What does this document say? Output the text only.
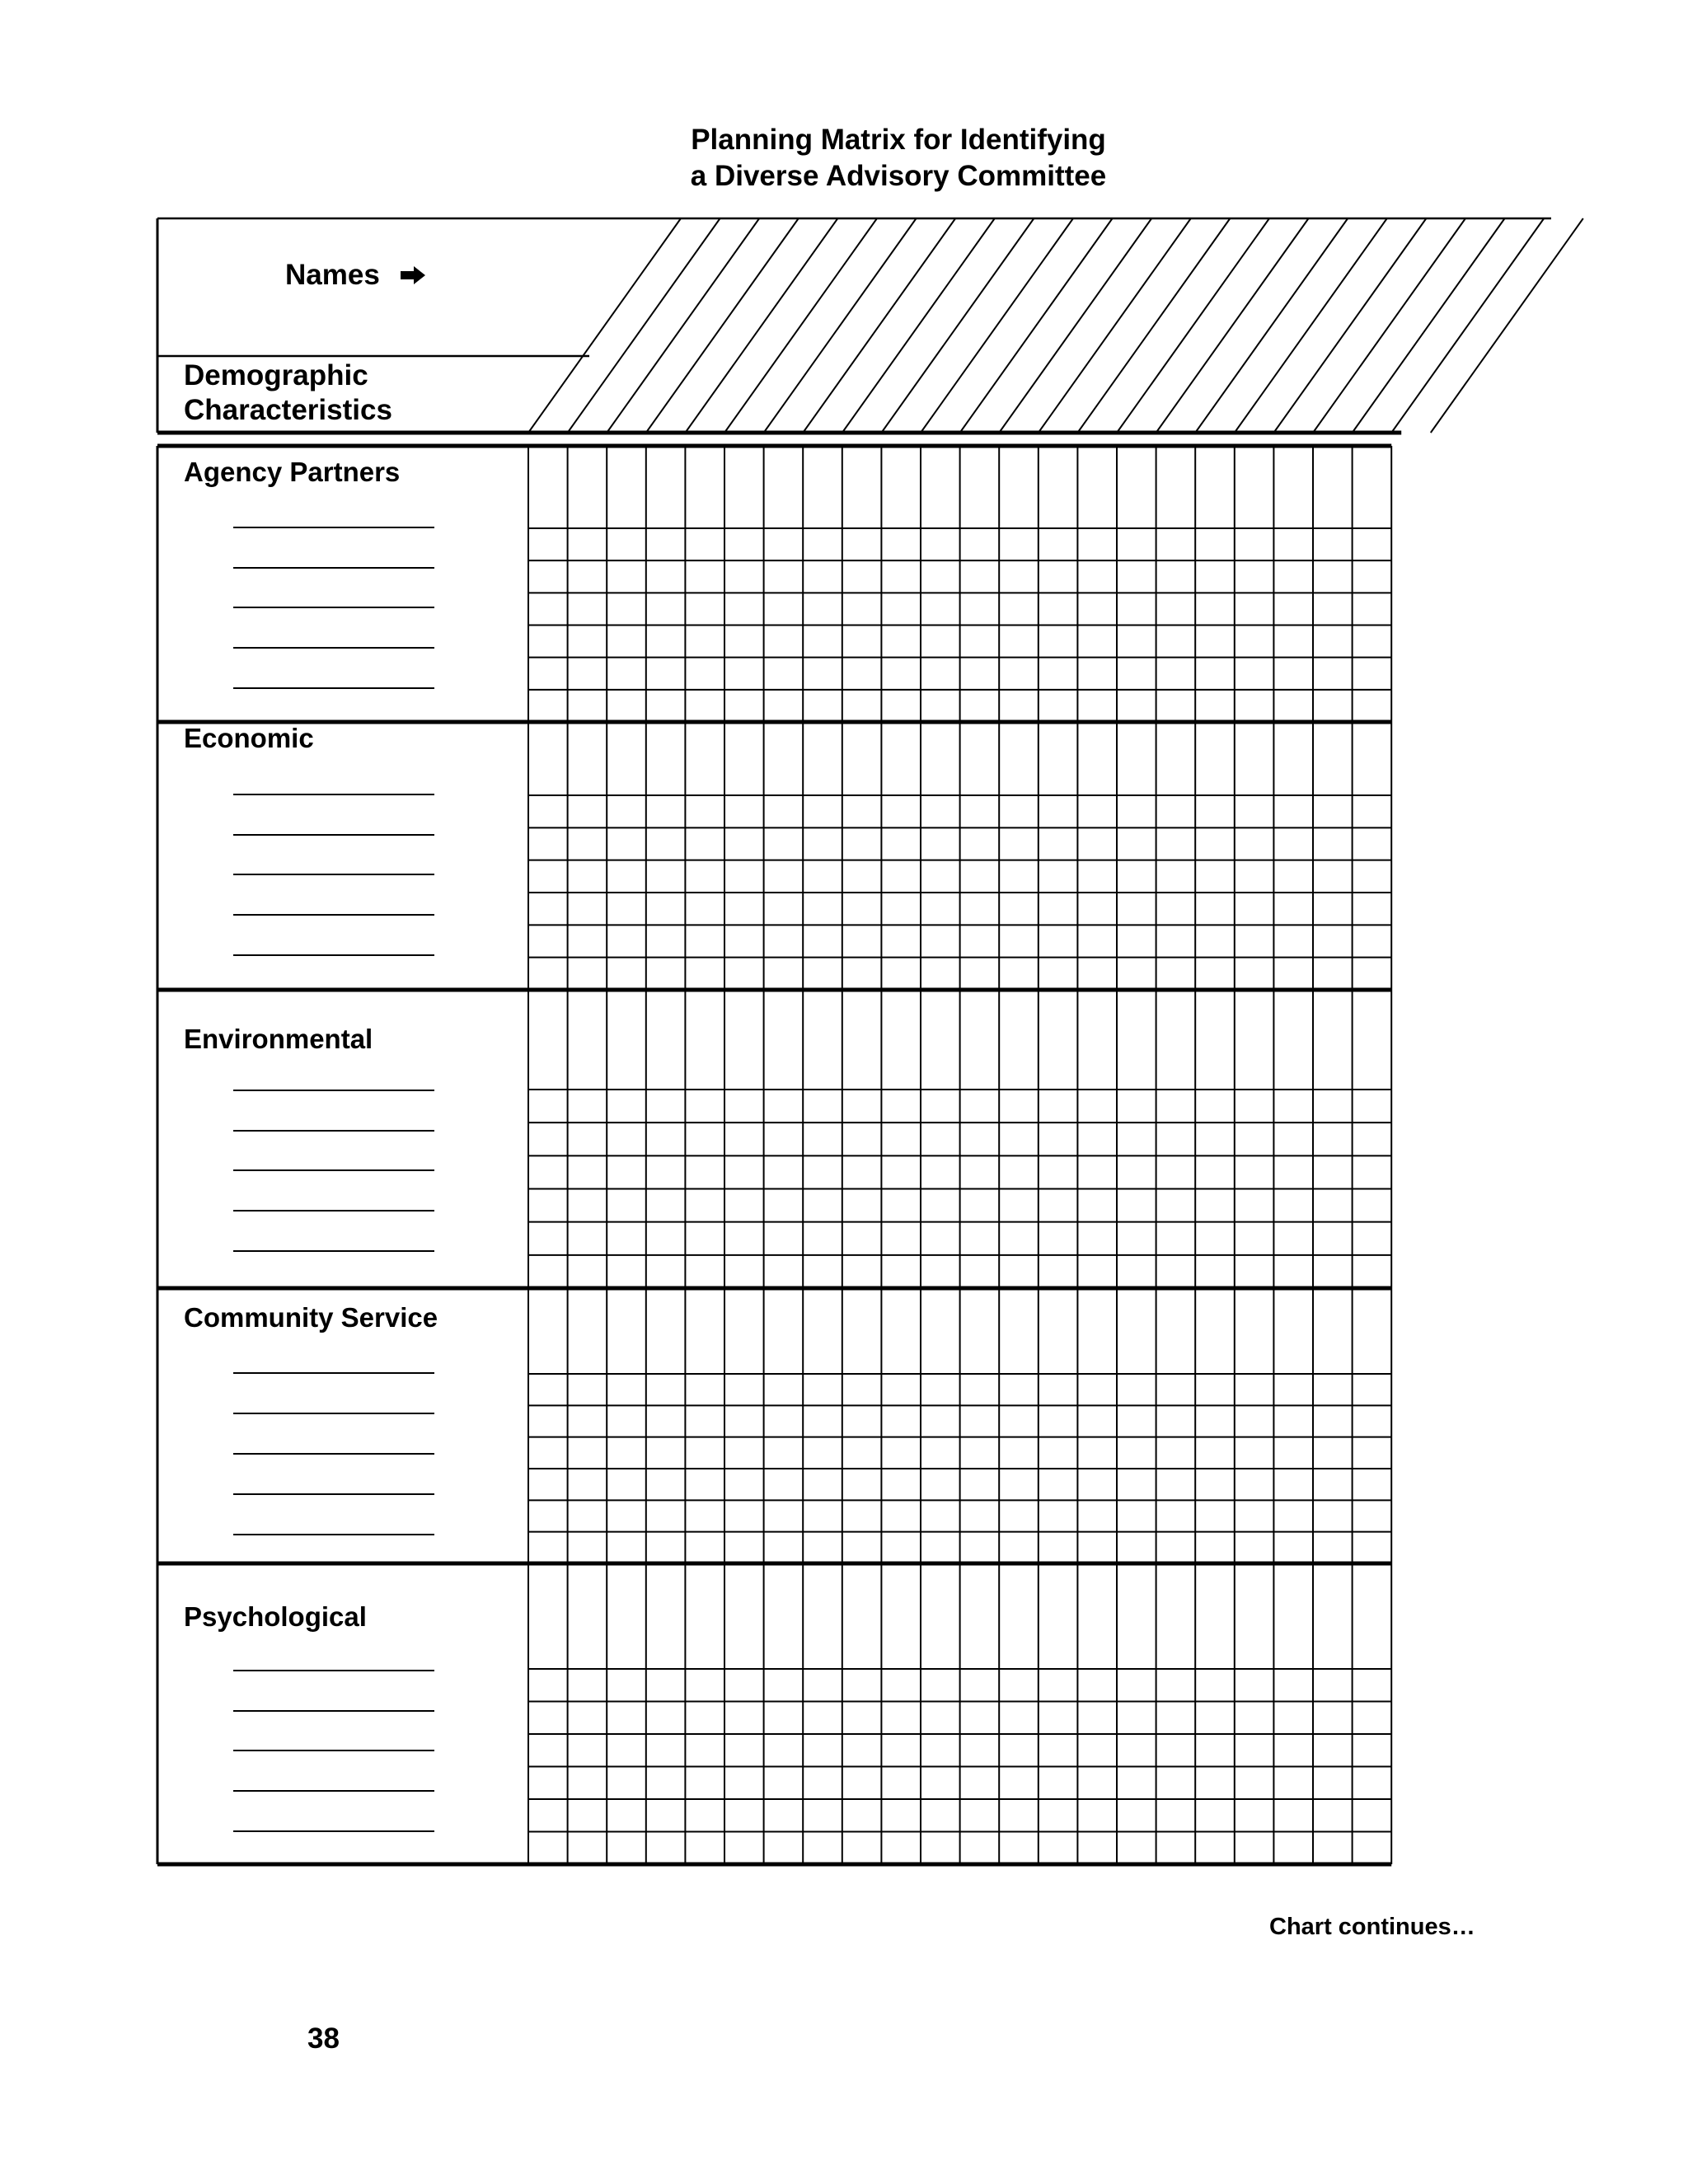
Planning Matrix for Identifying
a Diverse Advisory Committee
Names
Demographic
Characteristics
Agency Partners
Economic
Environmental
Community Service
Psychological
Chart continues…
38
